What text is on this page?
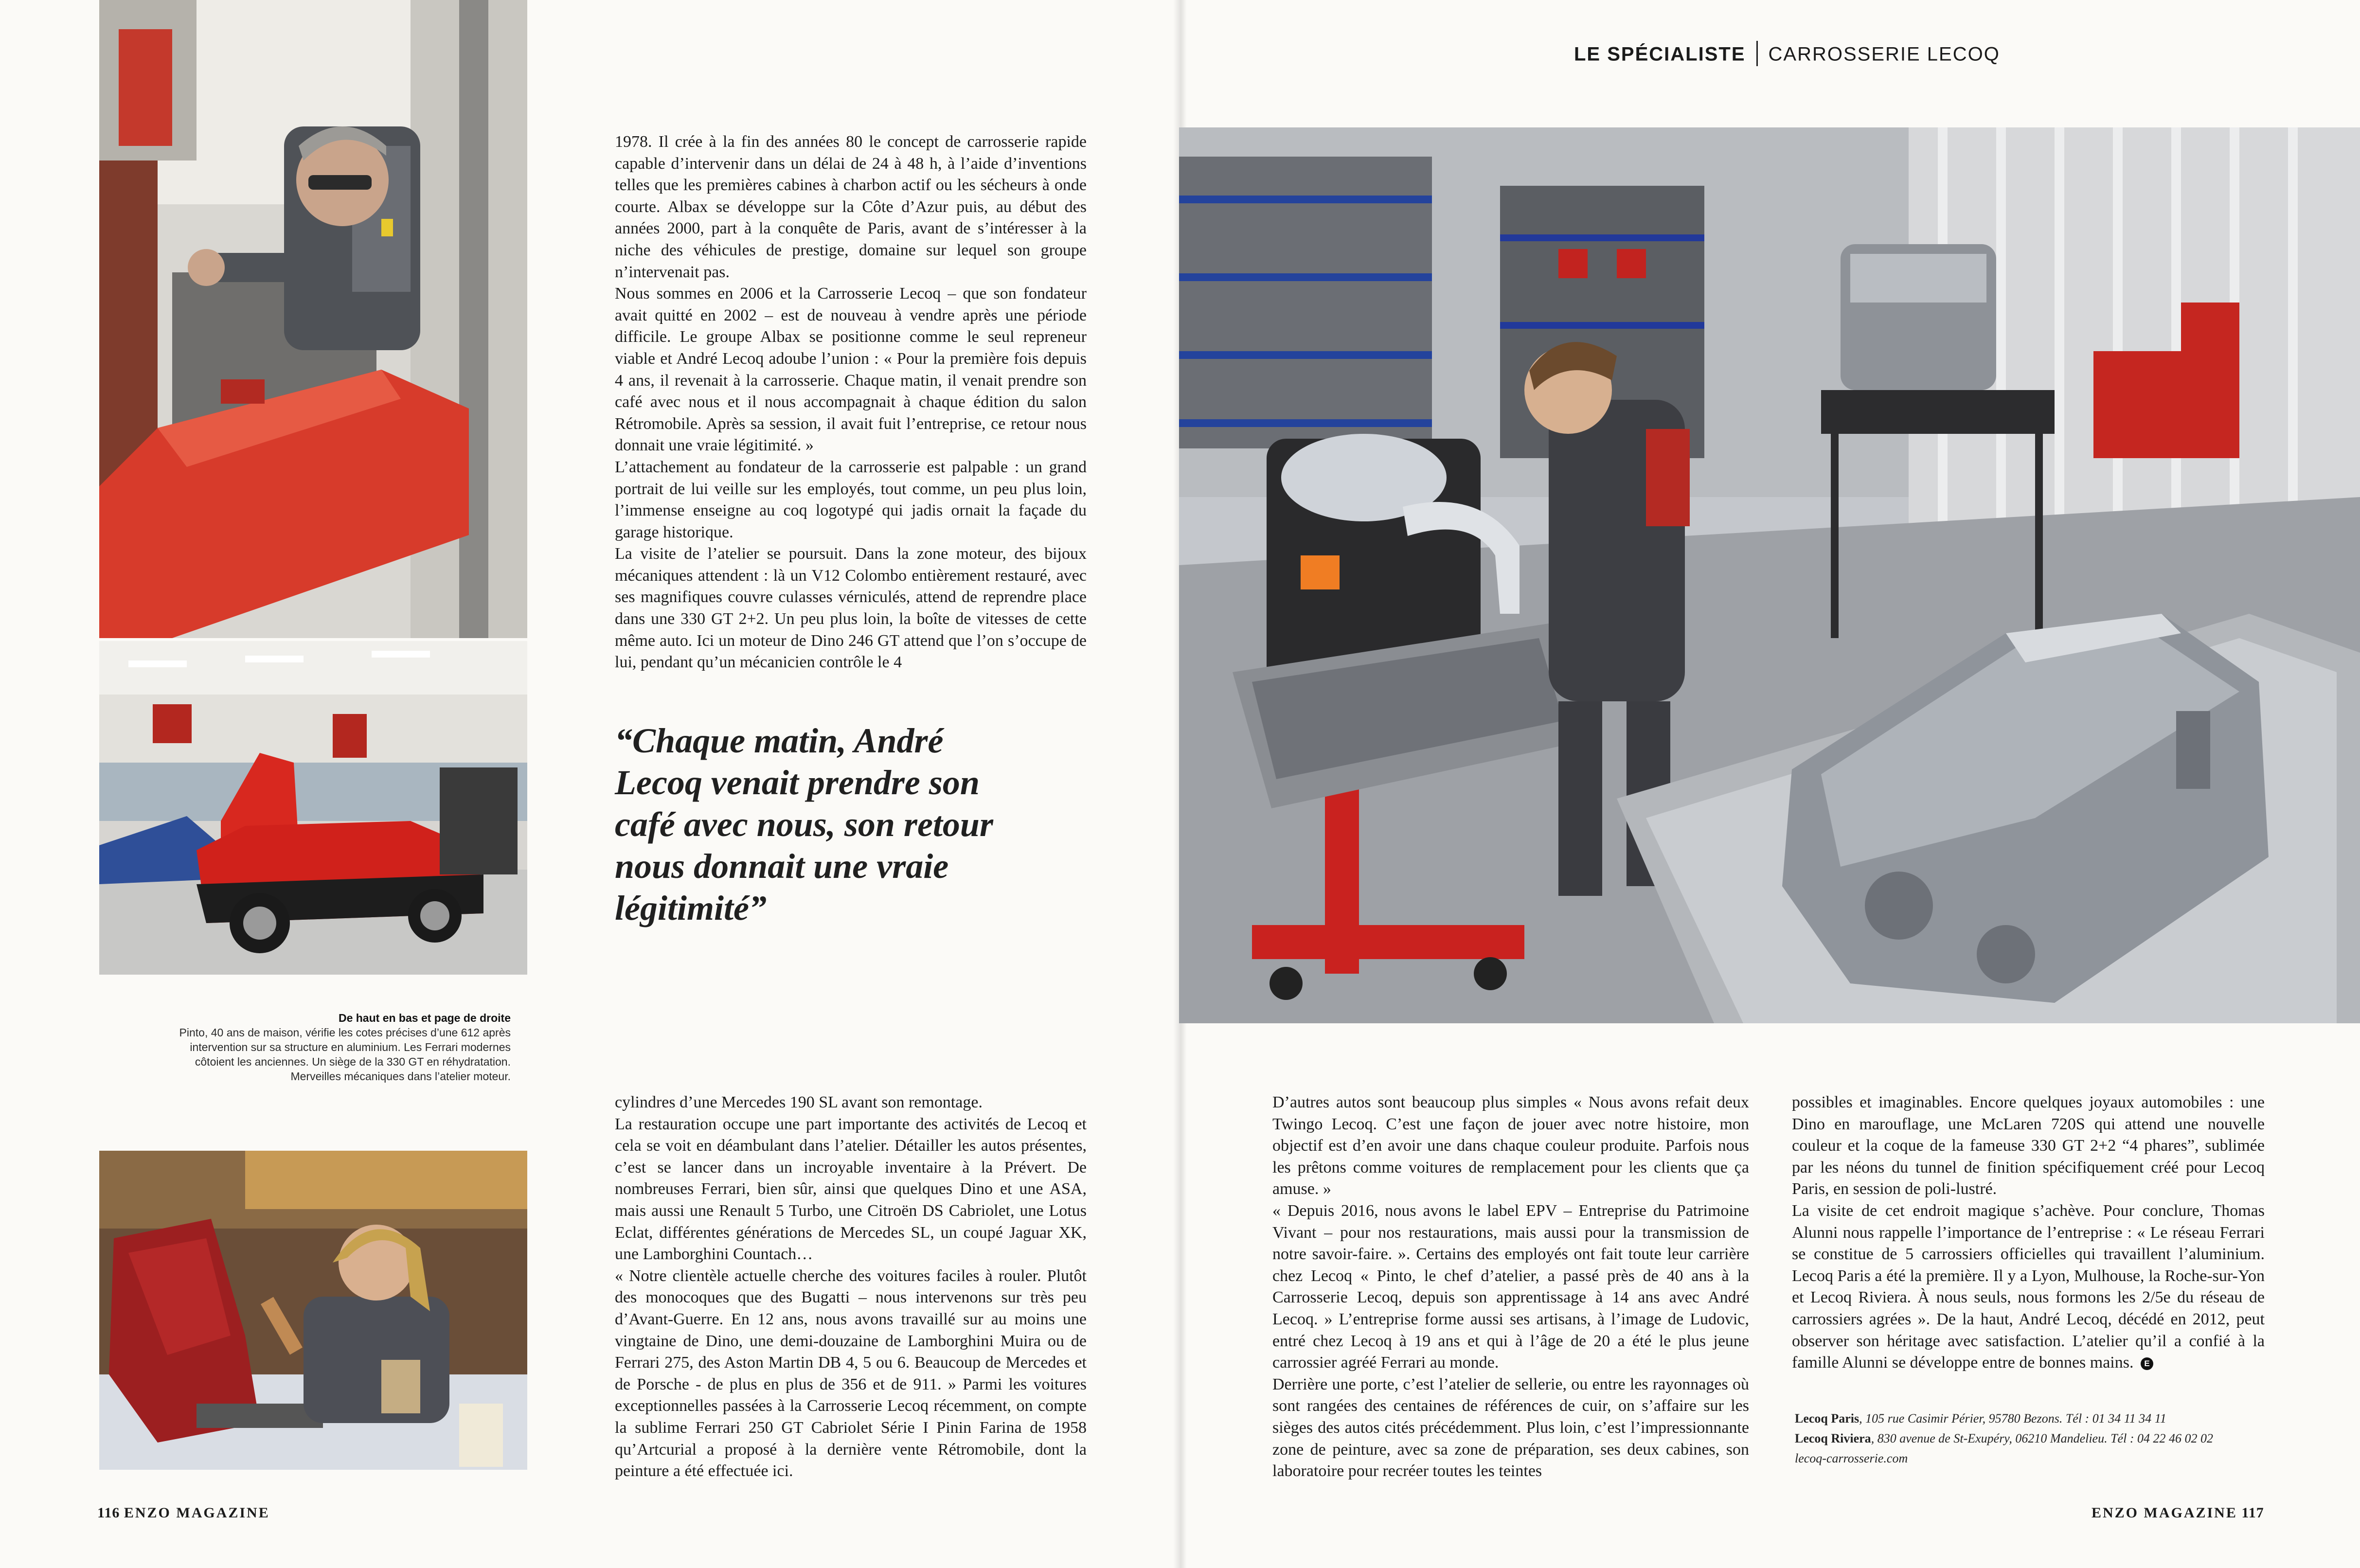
De haut en bas et page de droite
Pinto, 40 ans de maison, vérifie les cotes précises d’une 612 après intervention sur sa structure en aluminium. Les Ferrari modernes côtoient les anciennes. Un siège de la 330 GT en réhydratation. Merveilles mécaniques dans l’atelier moteur.

1978. Il crée à la fin des années 80 le concept de carrosserie rapide capable d’intervenir dans un délai de 24 à 48 h, à l’aide d’inventions telles que les premières cabines à charbon actif ou les sécheurs à onde courte. Albax se développe sur la Côte d’Azur puis, au début des années 2000, part à la conquête de Paris, avant de s’intéresser à la niche des véhicules de prestige, domaine sur lequel son groupe n’intervenait pas.

Nous sommes en 2006 et la Carrosserie Lecoq – que son fondateur avait quitté en 2002 – est de nouveau à vendre après une période difficile. Le groupe Albax se positionne comme le seul repreneur viable et André Lecoq adoube l’union : « Pour la première fois depuis 4 ans, il revenait à la carrosserie. Chaque matin, il venait prendre son café avec nous et il nous accompagnait à chaque édition du salon Rétromobile. Après sa session, il avait fuit l’entreprise, ce retour nous donnait une vraie légitimité. »

L’attachement au fondateur de la carrosserie est palpable : un grand portrait de lui veille sur les employés, tout comme, un peu plus loin, l’immense enseigne au coq logotypé qui jadis ornait la façade du garage historique.

La visite de l’atelier se poursuit. Dans la zone moteur, des bijoux mécaniques attendent : là un V12 Colombo entièrement restauré, avec ses magnifiques couvre culasses vérniculés, attend de reprendre place dans une 330 GT 2+2. Un peu plus loin, la boîte de vitesses de cette même auto. Ici un moteur de Dino 246 GT attend que l’on s’occupe de lui, pendant qu’un mécanicien contrôle le 4

“Chaque matin, André Lecoq venait prendre son café avec nous, son retour nous donnait une vraie légitimité”

cylindres d’une Mercedes 190 SL avant son remontage.

La restauration occupe une part importante des activités de Lecoq et cela se voit en déambulant dans l’atelier. Détailler les autos présentes, c’est se lancer dans un incroyable inventaire à la Prévert. De nombreuses Ferrari, bien sûr, ainsi que quelques Dino et une ASA, mais aussi une Renault 5 Turbo, une Citroën DS Cabriolet, une Lotus Eclat, différentes générations de Mercedes SL, un coupé Jaguar XK, une Lamborghini Countach…

« Notre clientèle actuelle cherche des voitures faciles à rouler. Plutôt des monocoques que des Bugatti – nous intervenons sur très peu d’Avant-Guerre. En 12 ans, nous avons travaillé sur au moins une vingtaine de Dino, une demi-douzaine de Lamborghini Muira ou de Ferrari 275, des Aston Martin DB 4, 5 ou 6. Beaucoup de Mercedes et de Porsche - de plus en plus de 356 et de 911. » Parmi les voitures exceptionnelles passées à la Carrosserie Lecoq récemment, on compte la sublime Ferrari 250 GT Cabriolet Série I Pinin Farina de 1958 qu’Artcurial a proposé à la dernière vente Rétromobile, dont la peinture a été effectuée ici.

116 ENZO MAGAZINE
LE SPÉCIALISTE CARROSSERIE LECOQ

D’autres autos sont beaucoup plus simples « Nous avons refait deux Twingo Lecoq. C’est une façon de jouer avec notre histoire, mon objectif est d’en avoir une dans chaque couleur produite. Parfois nous les prêtons comme voitures de remplacement pour les clients que ça amuse. »

« Depuis 2016, nous avons le label EPV – Entreprise du Patrimoine Vivant – pour nos restaurations, mais aussi pour la transmission de notre savoir-faire. ». Certains des employés ont fait toute leur carrière chez Lecoq « Pinto, le chef d’atelier, a passé près de 40 ans à la Carrosserie Lecoq, depuis son apprentissage à 14 ans avec André Lecoq. » L’entreprise forme aussi ses artisans, à l’image de Ludovic, entré chez Lecoq à 19 ans et qui à l’âge de 20 a été le plus jeune carrossier agréé Ferrari au monde.

Derrière une porte, c’est l’atelier de sellerie, ou entre les rayonnages où sont rangées des centaines de références de cuir, on s’affaire sur les sièges des autos cités précédemment. Plus loin, c’est l’impressionnante zone de peinture, avec sa zone de préparation, ses deux cabines, son laboratoire pour recréer toutes les teintes

possibles et imaginables. Encore quelques joyaux automobiles : une Dino en marouflage, une McLaren 720S qui attend une nouvelle couleur et la coque de la fameuse 330 GT 2+2 “4 phares”, sublimée par les néons du tunnel de finition spécifiquement créé pour Lecoq Paris, en session de poli-lustré.

La visite de cet endroit magique s’achève. Pour conclure, Thomas Alunni nous rappelle l’importance de l’entreprise : « Le réseau Ferrari se constitue de 5 carrossiers officielles qui travaillent l’aluminium. Lecoq Paris a été la première. Il y a Lyon, Mulhouse, la Roche-sur-Yon et Lecoq Riviera. À nous seuls, nous formons les 2/5e du réseau de carrossiers agrées ». De la haut, André Lecoq, décédé en 2012, peut observer son héritage avec satisfaction. L’atelier qu’il a confié à la famille Alunni se développe entre de bonnes mains. E

Lecoq Paris, 105 rue Casimir Périer, 95780 Bezons. Tél : 01 34 11 34 11
Lecoq Riviera, 830 avenue de St-Exupéry, 06210 Mandelieu. Tél : 04 22 46 02 02
lecoq-carrosserie.com
ENZO MAGAZINE 117
